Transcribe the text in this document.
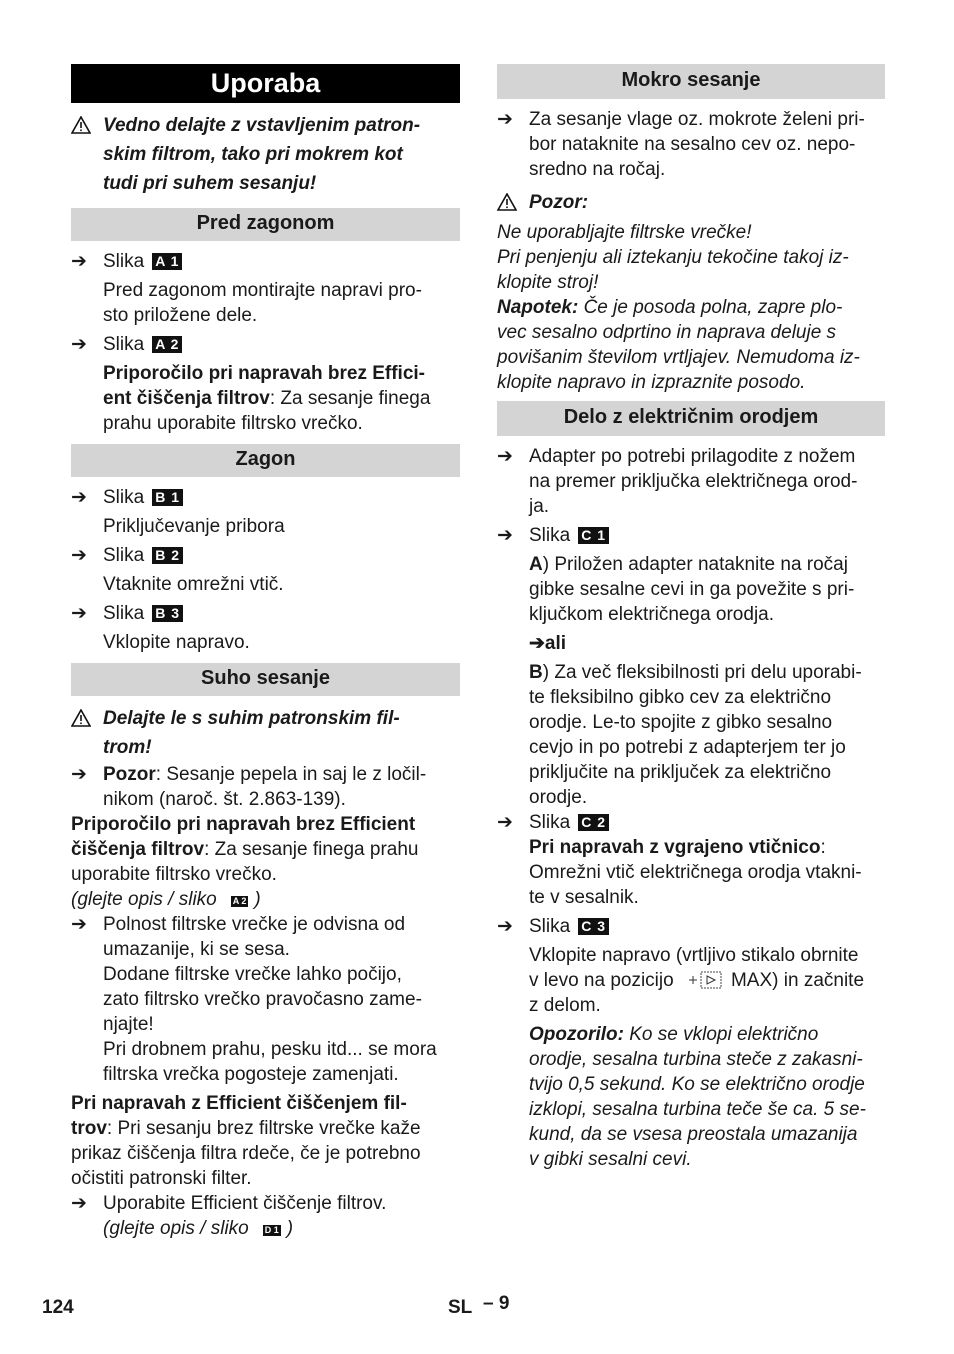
Uporaba
Vedno delajte z vstavljenim patron-
skim filtrom, tako pri mokrem kot
tudi pri suhem sesanju!
Pred zagonom
➔ Slika A 1
Pred zagonom montirajte napravi pro-
sto priložene dele.
➔ Slika A 2
Priporočilo pri napravah brez Effici-
ent čiščenja filtrov: Za sesanje finega
prahu uporabite filtrsko vrečko.
Zagon
➔ Slika B 1
Priključevanje pribora
➔ Slika B 2
Vtaknite omrežni vtič.
➔ Slika B 3
Vklopite napravo.
Suho sesanje
Delajte le s suhim patronskim fil-
trom!
➔ Pozor: Sesanje pepela in saj le z ločil-
nikom (naroč. št. 2.863-139).
Priporočilo pri napravah brez Efficient
čiščenja filtrov: Za sesanje finega prahu
uporabite filtrsko vrečko.
(glejte opis / sliko A 2 )
➔ Polnost filtrske vrečke je odvisna od
umazanije, ki se sesa.
Dodane filtrske vrečke lahko počijo,
zato filtrsko vrečko pravočasno zame-
njajte!
Pri drobnem prahu, pesku itd... se mora
filtrska vrečka pogosteje zamenjati.
Pri napravah z Efficient čiščenjem fil-
trov: Pri sesanju brez filtrske vrečke kaže
prikaz čiščenja filtra rdeče, če je potrebno
očistiti patronski filter.
➔ Uporabite Efficient čiščenje filtrov.
(glejte opis / sliko D 1 )
Mokro sesanje
➔ Za sesanje vlage oz. mokrote želeni pri-
bor nataknite na sesalno cev oz. nepo-
sredno na ročaj.
Pozor:
Ne uporabljajte filtrske vrečke!
Pri penjenju ali iztekanju tekočine takoj iz-
klopite stroj!
Napotek: Če je posoda polna, zapre plo-
vec sesalno odprtino in naprava deluje s
povišanim številom vrtljajev. Nemudoma iz-
klopite napravo in izpraznite posodo.
Delo z električnim orodjem
➔ Adapter po potrebi prilagodite z nožem
na premer priključka električnega orod-
ja.
➔ Slika C 1
A) Priložen adapter nataknite na ročaj
gibke sesalne cevi in ga povežite s pri-
ključkom električnega orodja.
➔ali
B) Za več fleksibilnosti pri delu uporabi-
te fleksibilno gibko cev za električno
orodje. Le-to spojite z gibko sesalno
cevjo in po potrebi z adapterjem ter jo
priključite na priključek za električno
orodje.
➔ Slika C 2
Pri napravah z vgrajeno vtičnico:
Omrežni vtič električnega orodja vtakni-
te v sesalnik.
➔ Slika C 3
Vklopite napravo (vrtljivo stikalo obrnite
v levo na pozicijo	MAX) in začnite
z delom.
Opozorilo: Ko se vklopi električno
orodje, sesalna turbina steče z zakasni-
tvijo 0,5 sekund. Ko se električno orodje
izklopi, sesalna turbina teče še ca. 5 se-
kund, da se vsesa preostala umazanija
v gibki sesalni cevi.
124	SL – 9
